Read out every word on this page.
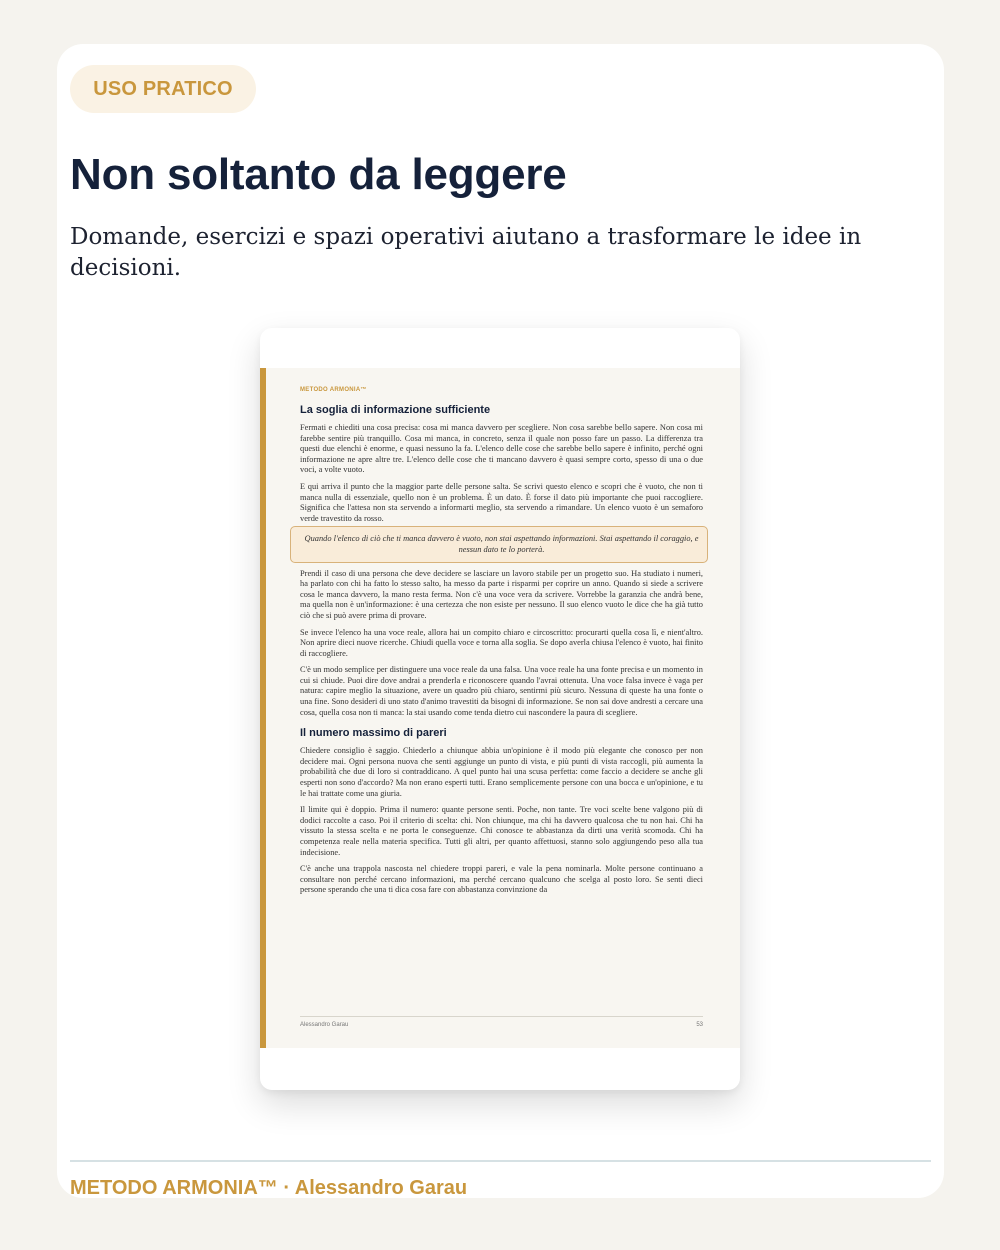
USO PRATICO
Non soltanto da leggere

Domande, esercizi e spazi operativi aiutano a trasformare le idee in decisioni.

METODO ARMONIA™
La soglia di informazione sufficiente

Fermati e chiediti una cosa precisa: cosa mi manca davvero per scegliere. Non cosa sarebbe bello sapere. Non cosa mi farebbe sentire più tranquillo. Cosa mi manca, in concreto, senza il quale non posso fare un passo. La differenza tra questi due elenchi è enorme, e quasi nessuno la fa. L'elenco delle cose che sarebbe bello sapere è infinito, perché ogni informazione ne apre altre tre. L'elenco delle cose che ti mancano davvero è quasi sempre corto, spesso di una o due voci, a volte vuoto.

E qui arriva il punto che la maggior parte delle persone salta. Se scrivi questo elenco e scopri che è vuoto, che non ti manca nulla di essenziale, quello non è un problema. È un dato. È forse il dato più importante che puoi raccogliere. Significa che l'attesa non sta servendo a informarti meglio, sta servendo a rimandare. Un elenco vuoto è un semaforo verde travestito da rosso.

Quando l'elenco di ciò che ti manca davvero è vuoto, non stai aspettando informazioni. Stai aspettando il coraggio, e nessun dato te lo porterà.

Prendi il caso di una persona che deve decidere se lasciare un lavoro stabile per un progetto suo. Ha studiato i numeri, ha parlato con chi ha fatto lo stesso salto, ha messo da parte i risparmi per coprire un anno. Quando si siede a scrivere cosa le manca davvero, la mano resta ferma. Non c'è una voce vera da scrivere. Vorrebbe la garanzia che andrà bene, ma quella non è un'informazione: è una certezza che non esiste per nessuno. Il suo elenco vuoto le dice che ha già tutto ciò che si può avere prima di provare.

Se invece l'elenco ha una voce reale, allora hai un compito chiaro e circoscritto: procurarti quella cosa lì, e nient'altro. Non aprire dieci nuove ricerche. Chiudi quella voce e torna alla soglia. Se dopo averla chiusa l'elenco è vuoto, hai finito di raccogliere.

C'è un modo semplice per distinguere una voce reale da una falsa. Una voce reale ha una fonte precisa e un momento in cui si chiude. Puoi dire dove andrai a prenderla e riconoscere quando l'avrai ottenuta. Una voce falsa invece è vaga per natura: capire meglio la situazione, avere un quadro più chiaro, sentirmi più sicuro. Nessuna di queste ha una fonte o una fine. Sono desideri di uno stato d'animo travestiti da bisogni di informazione. Se non sai dove andresti a cercare una cosa, quella cosa non ti manca: la stai usando come tenda dietro cui nascondere la paura di scegliere.

Il numero massimo di pareri

Chiedere consiglio è saggio. Chiederlo a chiunque abbia un'opinione è il modo più elegante che conosco per non decidere mai. Ogni persona nuova che senti aggiunge un punto di vista, e più punti di vista raccogli, più aumenta la probabilità che due di loro si contraddicano. A quel punto hai una scusa perfetta: come faccio a decidere se anche gli esperti non sono d'accordo? Ma non erano esperti tutti. Erano semplicemente persone con una bocca e un'opinione, e tu le hai trattate come una giuria.

Il limite qui è doppio. Prima il numero: quante persone senti. Poche, non tante. Tre voci scelte bene valgono più di dodici raccolte a caso. Poi il criterio di scelta: chi. Non chiunque, ma chi ha davvero qualcosa che tu non hai. Chi ha vissuto la stessa scelta e ne porta le conseguenze. Chi conosce te abbastanza da dirti una verità scomoda. Chi ha competenza reale nella materia specifica. Tutti gli altri, per quanto affettuosi, stanno solo aggiungendo peso alla tua indecisione.

C'è anche una trappola nascosta nel chiedere troppi pareri, e vale la pena nominarla. Molte persone continuano a consultare non perché cercano informazioni, ma perché cercano qualcuno che scelga al posto loro. Se senti dieci persone sperando che una ti dica cosa fare con abbastanza convinzione da

Alessandro Garau	53
METODO ARMONIA™ · Alessandro Garau
